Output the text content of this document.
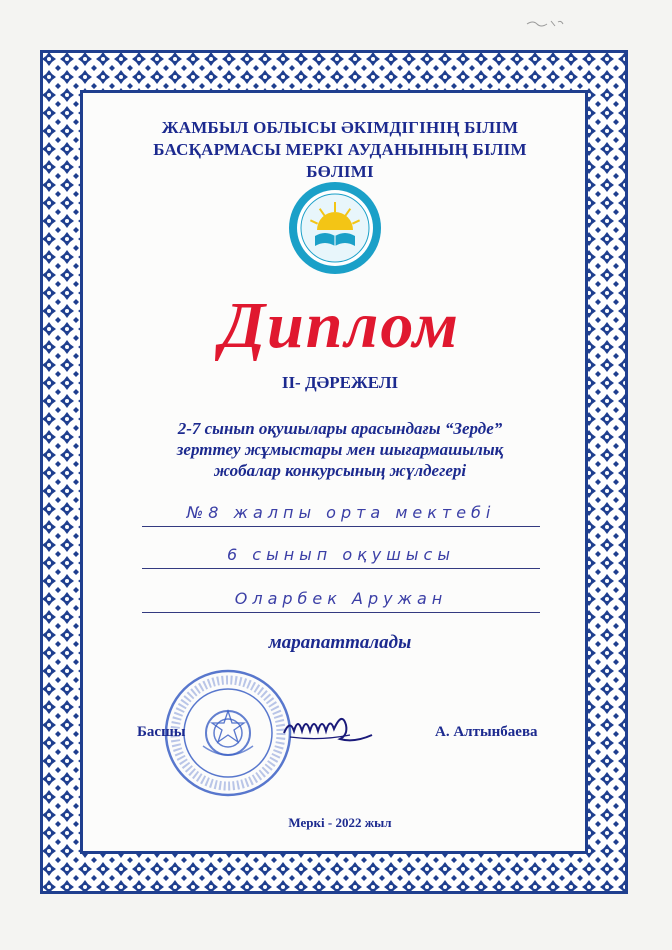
ЖАМБЫЛ ОБЛЫСЫ ӘКІМДІГІНІҢ БІЛІМ
БАСҚАРМАСЫ МЕРКІ АУДАНЫНЫҢ БІЛІМ БӨЛІМІ
Диплом
ІІ- ДӘРЕЖЕЛІ
2-7 сынып оқушылары арасындағы “Зерде”
зерттеу жұмыстары мен шығармашылық
жобалар конкурсының жүлдегері
№8 жалпы орта мектебі
6 сынып оқушысы
Оларбек Аружан
марапатталады
Басшы	А. Алтынбаева
Меркі - 2022 жыл
